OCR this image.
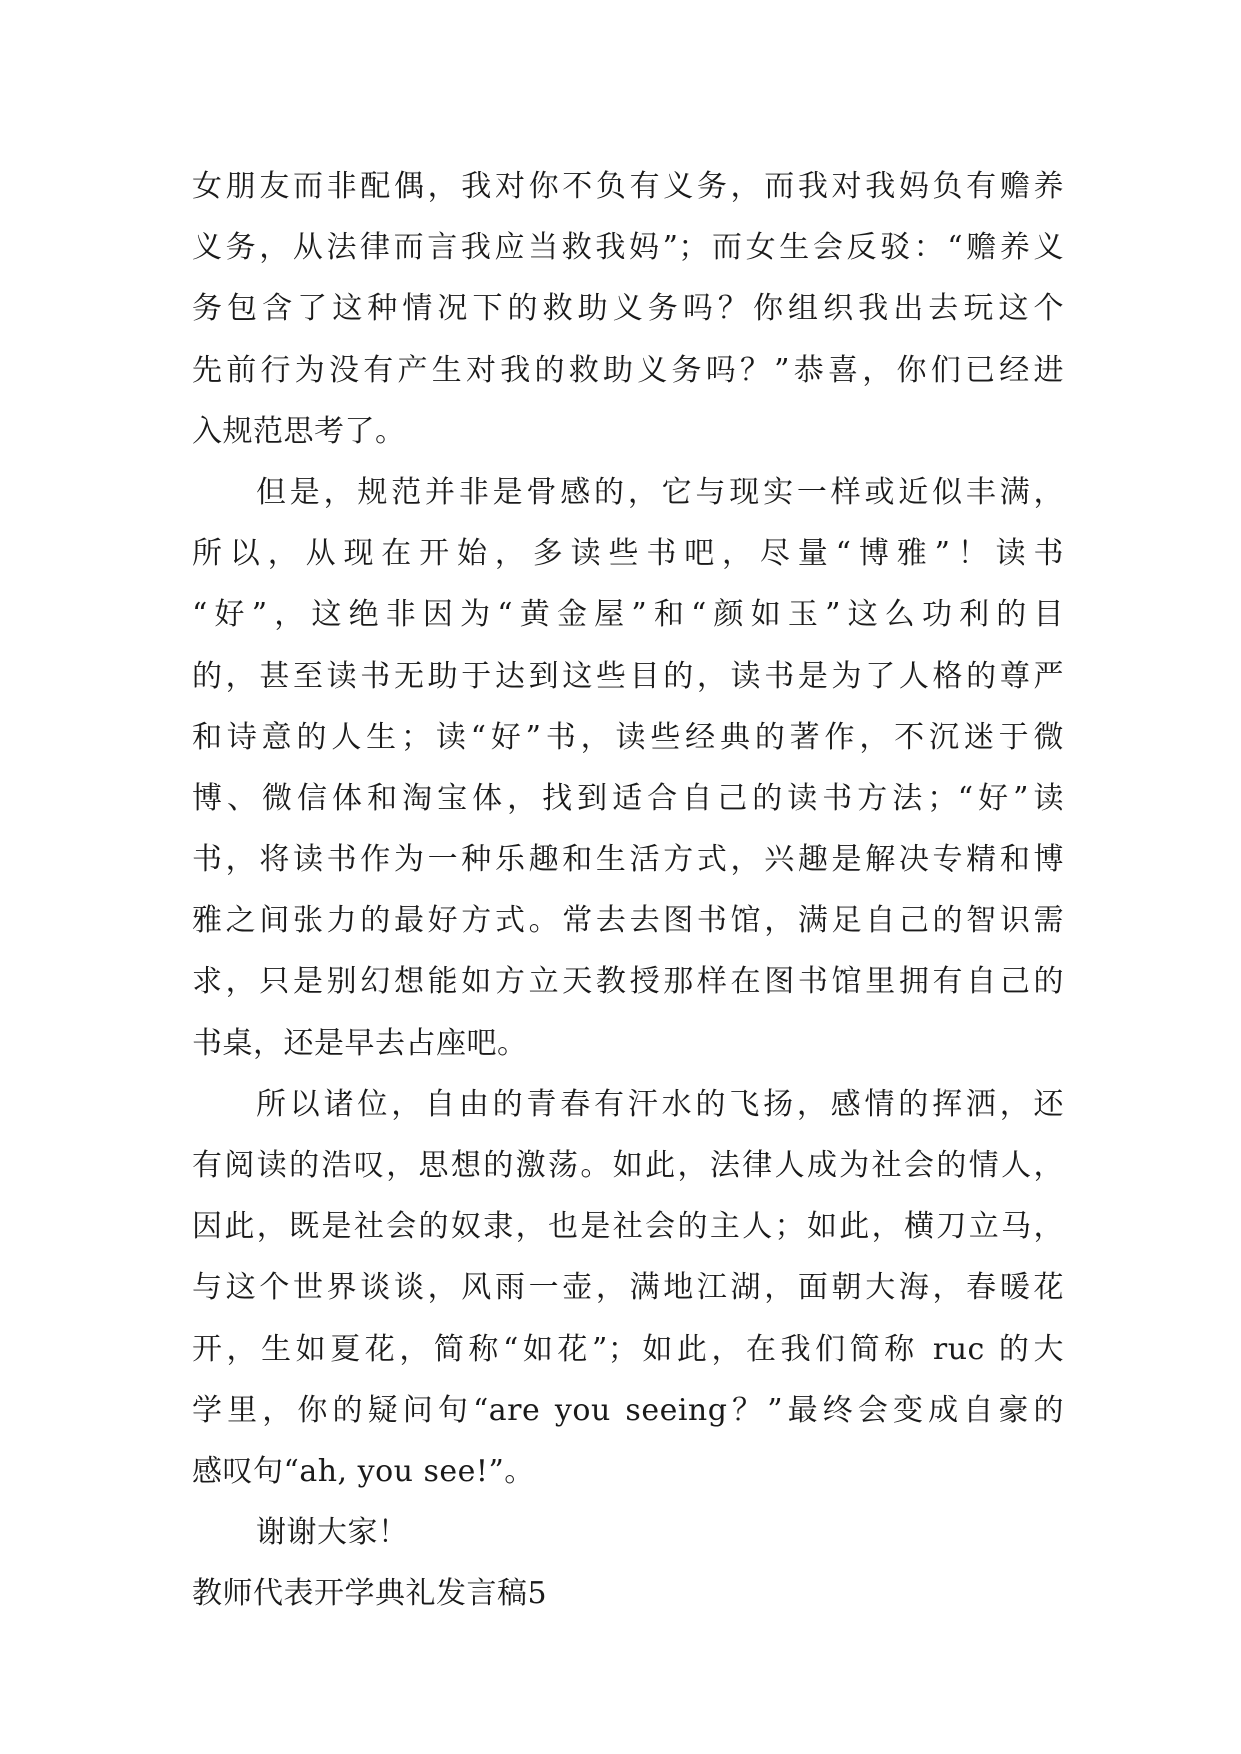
女朋友而非配偶，我对你不负有义务，而我对我妈负有赡养
义务，从法律而言我应当救我妈”；而女生会反驳：“赡养义
务包含了这种情况下的救助义务吗？你组织我出去玩这个
先前行为没有产生对我的救助义务吗？”恭喜，你们已经进
入规范思考了。
但是，规范并非是骨感的，它与现实一样或近似丰满，
所以，从现在开始，多读些书吧，尽量“博雅”！读书
“好”，这绝非因为“黄金屋”和“颜如玉”这么功利的目
的，甚至读书无助于达到这些目的，读书是为了人格的尊严
和诗意的人生；读“好”书，读些经典的著作，不沉迷于微
博、微信体和淘宝体，找到适合自己的读书方法；“好”读
书，将读书作为一种乐趣和生活方式，兴趣是解决专精和博
雅之间张力的最好方式。常去去图书馆，满足自己的智识需
求，只是别幻想能如方立天教授那样在图书馆里拥有自己的
书桌，还是早去占座吧。
所以诸位，自由的青春有汗水的飞扬，感情的挥洒，还
有阅读的浩叹，思想的激荡。如此，法律人成为社会的情人，
因此，既是社会的奴隶，也是社会的主人；如此，横刀立马，
与这个世界谈谈，风雨一壶，满地江湖，面朝大海，春暖花
开，生如夏花，简称“如花”；如此，在我们简称 ruc 的大
学里，你的疑问句“are you seeing？”最终会变成自豪的
感叹句“ah, you see!”。
谢谢大家！
教师代表开学典礼发言稿5
